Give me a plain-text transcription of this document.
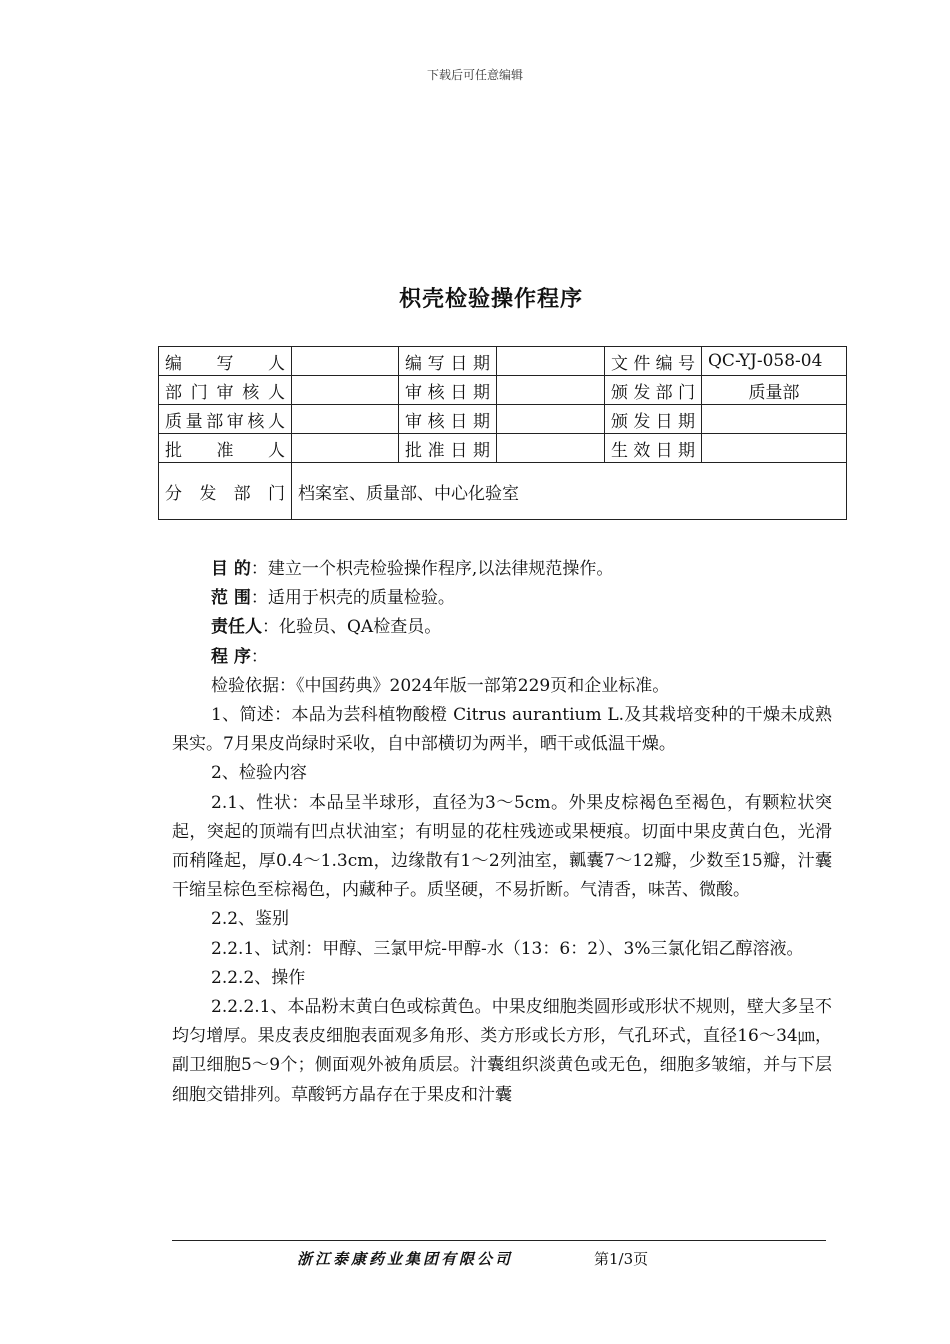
下载后可任意编辑
枳壳检验操作程序
编　写　人		编写日期		文件编号	QC-YJ-058-04
部门审核人		审核日期		颁发部门	质量部
质量部审核人		审核日期		颁发日期	
批　准　人		批准日期		生效日期	
分　发　部　门	档案室、质量部、中心化验室				

目 的：建立一个枳壳检验操作程序,以法律规范操作。

范 围：适用于枳壳的质量检验。

责任人：化验员、QA检查员。

程 序：

检验依据：《中国药典》2024年版一部第229页和企业标准。

1、简述：本品为芸科植物酸橙 Citrus aurantium L.及其栽培变种的干燥未成熟果实。7月果皮尚绿时采收，自中部横切为两半，晒干或低温干燥。

2、检验内容

2.1、性状：本品呈半球形，直径为3～5cm。外果皮棕褐色至褐色，有颗粒状突起，突起的顶端有凹点状油室；有明显的花柱残迹或果梗痕。切面中果皮黄白色，光滑而稍隆起，厚0.4～1.3cm，边缘散有1～2列油室，瓤囊7～12瓣，少数至15瓣，汁囊干缩呈棕色至棕褐色，内藏种子。质坚硬，不易折断。气清香，味苦、微酸。

2.2、鉴别

2.2.1、试剂：甲醇、三氯甲烷-甲醇-水（13：6：2）、3%三氯化铝乙醇溶液。

2.2.2、操作

2.2.2.1、本品粉末黄白色或棕黄色。中果皮细胞类圆形或形状不规则，壁大多呈不均匀增厚。果皮表皮细胞表面观多角形、类方形或长方形，气孔环式，直径16～34㎛，副卫细胞5～9个；侧面观外被角质层。汁囊组织淡黄色或无色，细胞多皱缩，并与下层细胞交错排列。草酸钙方晶存在于果皮和汁囊

浙江泰康药业集团有限公司	第1/3页
